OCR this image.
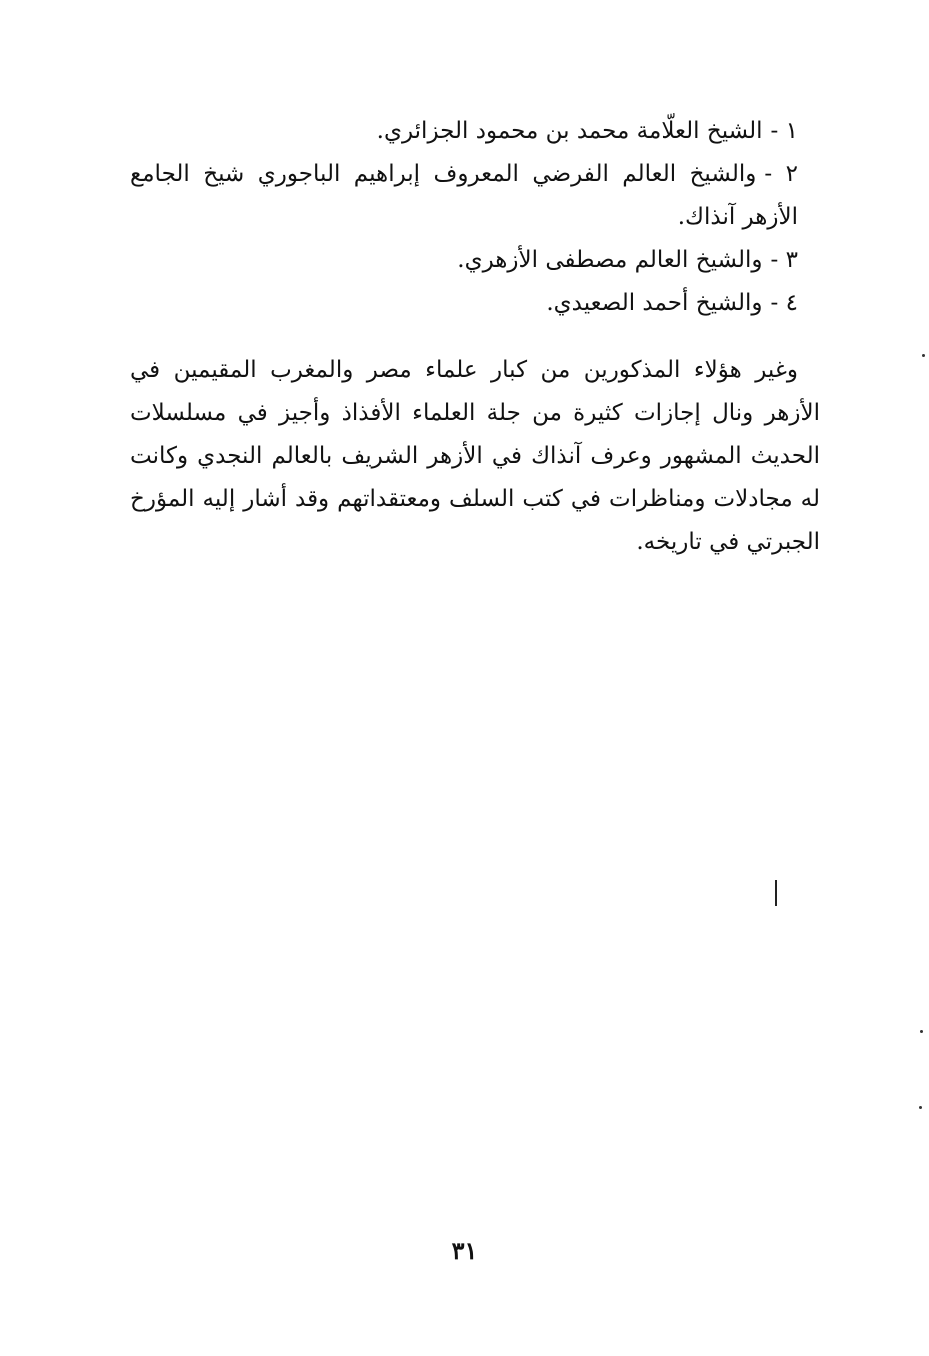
١ -الشيخ العلّامة محمد بن محمود الجزائري.
٢ -والشيخ العالم الفرضي المعروف إبراهيم الباجوري شيخ الجامع الأزهر آنذاك.
٣ -والشيخ العالم مصطفى الأزهري.
٤ -والشيخ أحمد الصعيدي.

وغير هؤلاء المذكورين من كبار علماء مصر والمغرب المقيمين في الأزهر ونال إجازات كثيرة من جلة العلماء الأفذاذ وأجيز في مسلسلات الحديث المشهور وعرف آنذاك في الأزهر الشريف بالعالم النجدي وكانت له مجادلات ومناظرات في كتب السلف ومعتقداتهم وقد أشار إليه المؤرخ الجبرتي في تاريخه.

٣١
